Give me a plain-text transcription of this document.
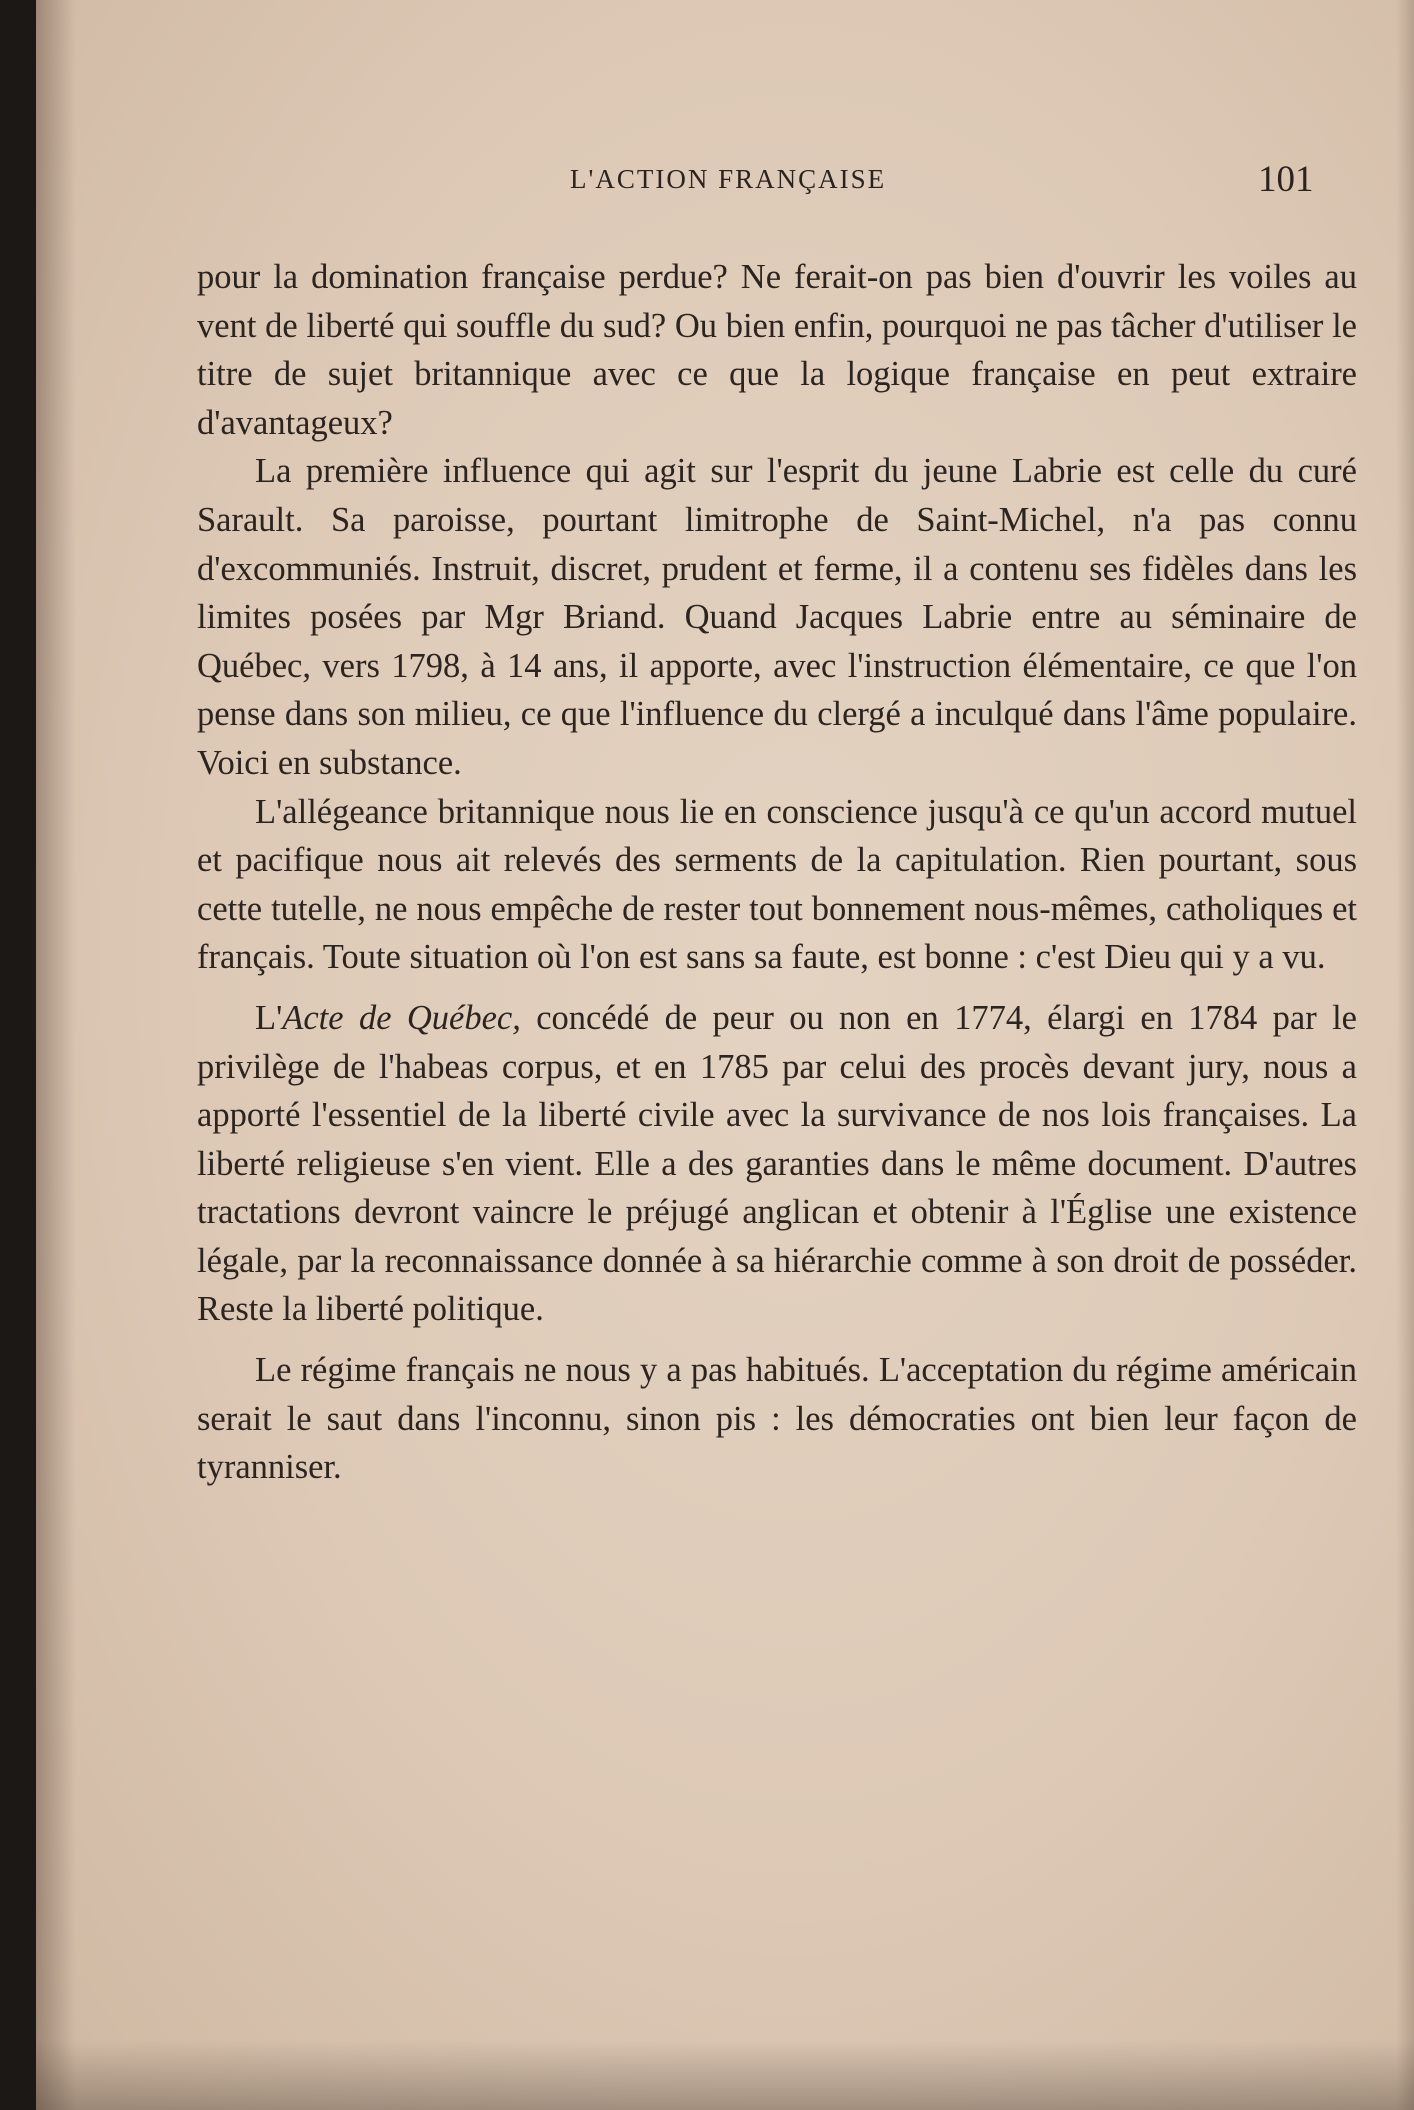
L'ACTION FRANÇAISE	101

pour la domination française perdue? Ne ferait-on pas bien d'ouvrir les voiles au vent de liberté qui souffle du sud? Ou bien enfin, pourquoi ne pas tâcher d'utiliser le titre de sujet britannique avec ce que la logique française en peut extraire d'avantageux?

La première influence qui agit sur l'esprit du jeune Labrie est celle du curé Sarault. Sa paroisse, pourtant limitrophe de Saint-Michel, n'a pas connu d'excommuniés. Instruit, discret, prudent et ferme, il a contenu ses fidèles dans les limites posées par Mgr Briand. Quand Jacques Labrie entre au séminaire de Québec, vers 1798, à 14 ans, il apporte, avec l'instruction élémentaire, ce que l'on pense dans son milieu, ce que l'influence du clergé a inculqué dans l'âme populaire. Voici en substance.

L'allégeance britannique nous lie en conscience jusqu'à ce qu'un accord mutuel et pacifique nous ait relevés des serments de la capitulation. Rien pourtant, sous cette tutelle, ne nous empêche de rester tout bonnement nous-mêmes, catholiques et français. Toute situation où l'on est sans sa faute, est bonne : c'est Dieu qui y a vu.

L'Acte de Québec, concédé de peur ou non en 1774, élargi en 1784 par le privilège de l'habeas corpus, et en 1785 par celui des procès devant jury, nous a apporté l'essentiel de la liberté civile avec la survivance de nos lois françaises. La liberté religieuse s'en vient. Elle a des garanties dans le même document. D'autres tractations devront vaincre le préjugé anglican et obtenir à l'Église une existence légale, par la reconnaissance donnée à sa hiérarchie comme à son droit de posséder. Reste la liberté politique.

Le régime français ne nous y a pas habitués. L'acceptation du régime américain serait le saut dans l'inconnu, sinon pis : les démocraties ont bien leur façon de tyranniser.
